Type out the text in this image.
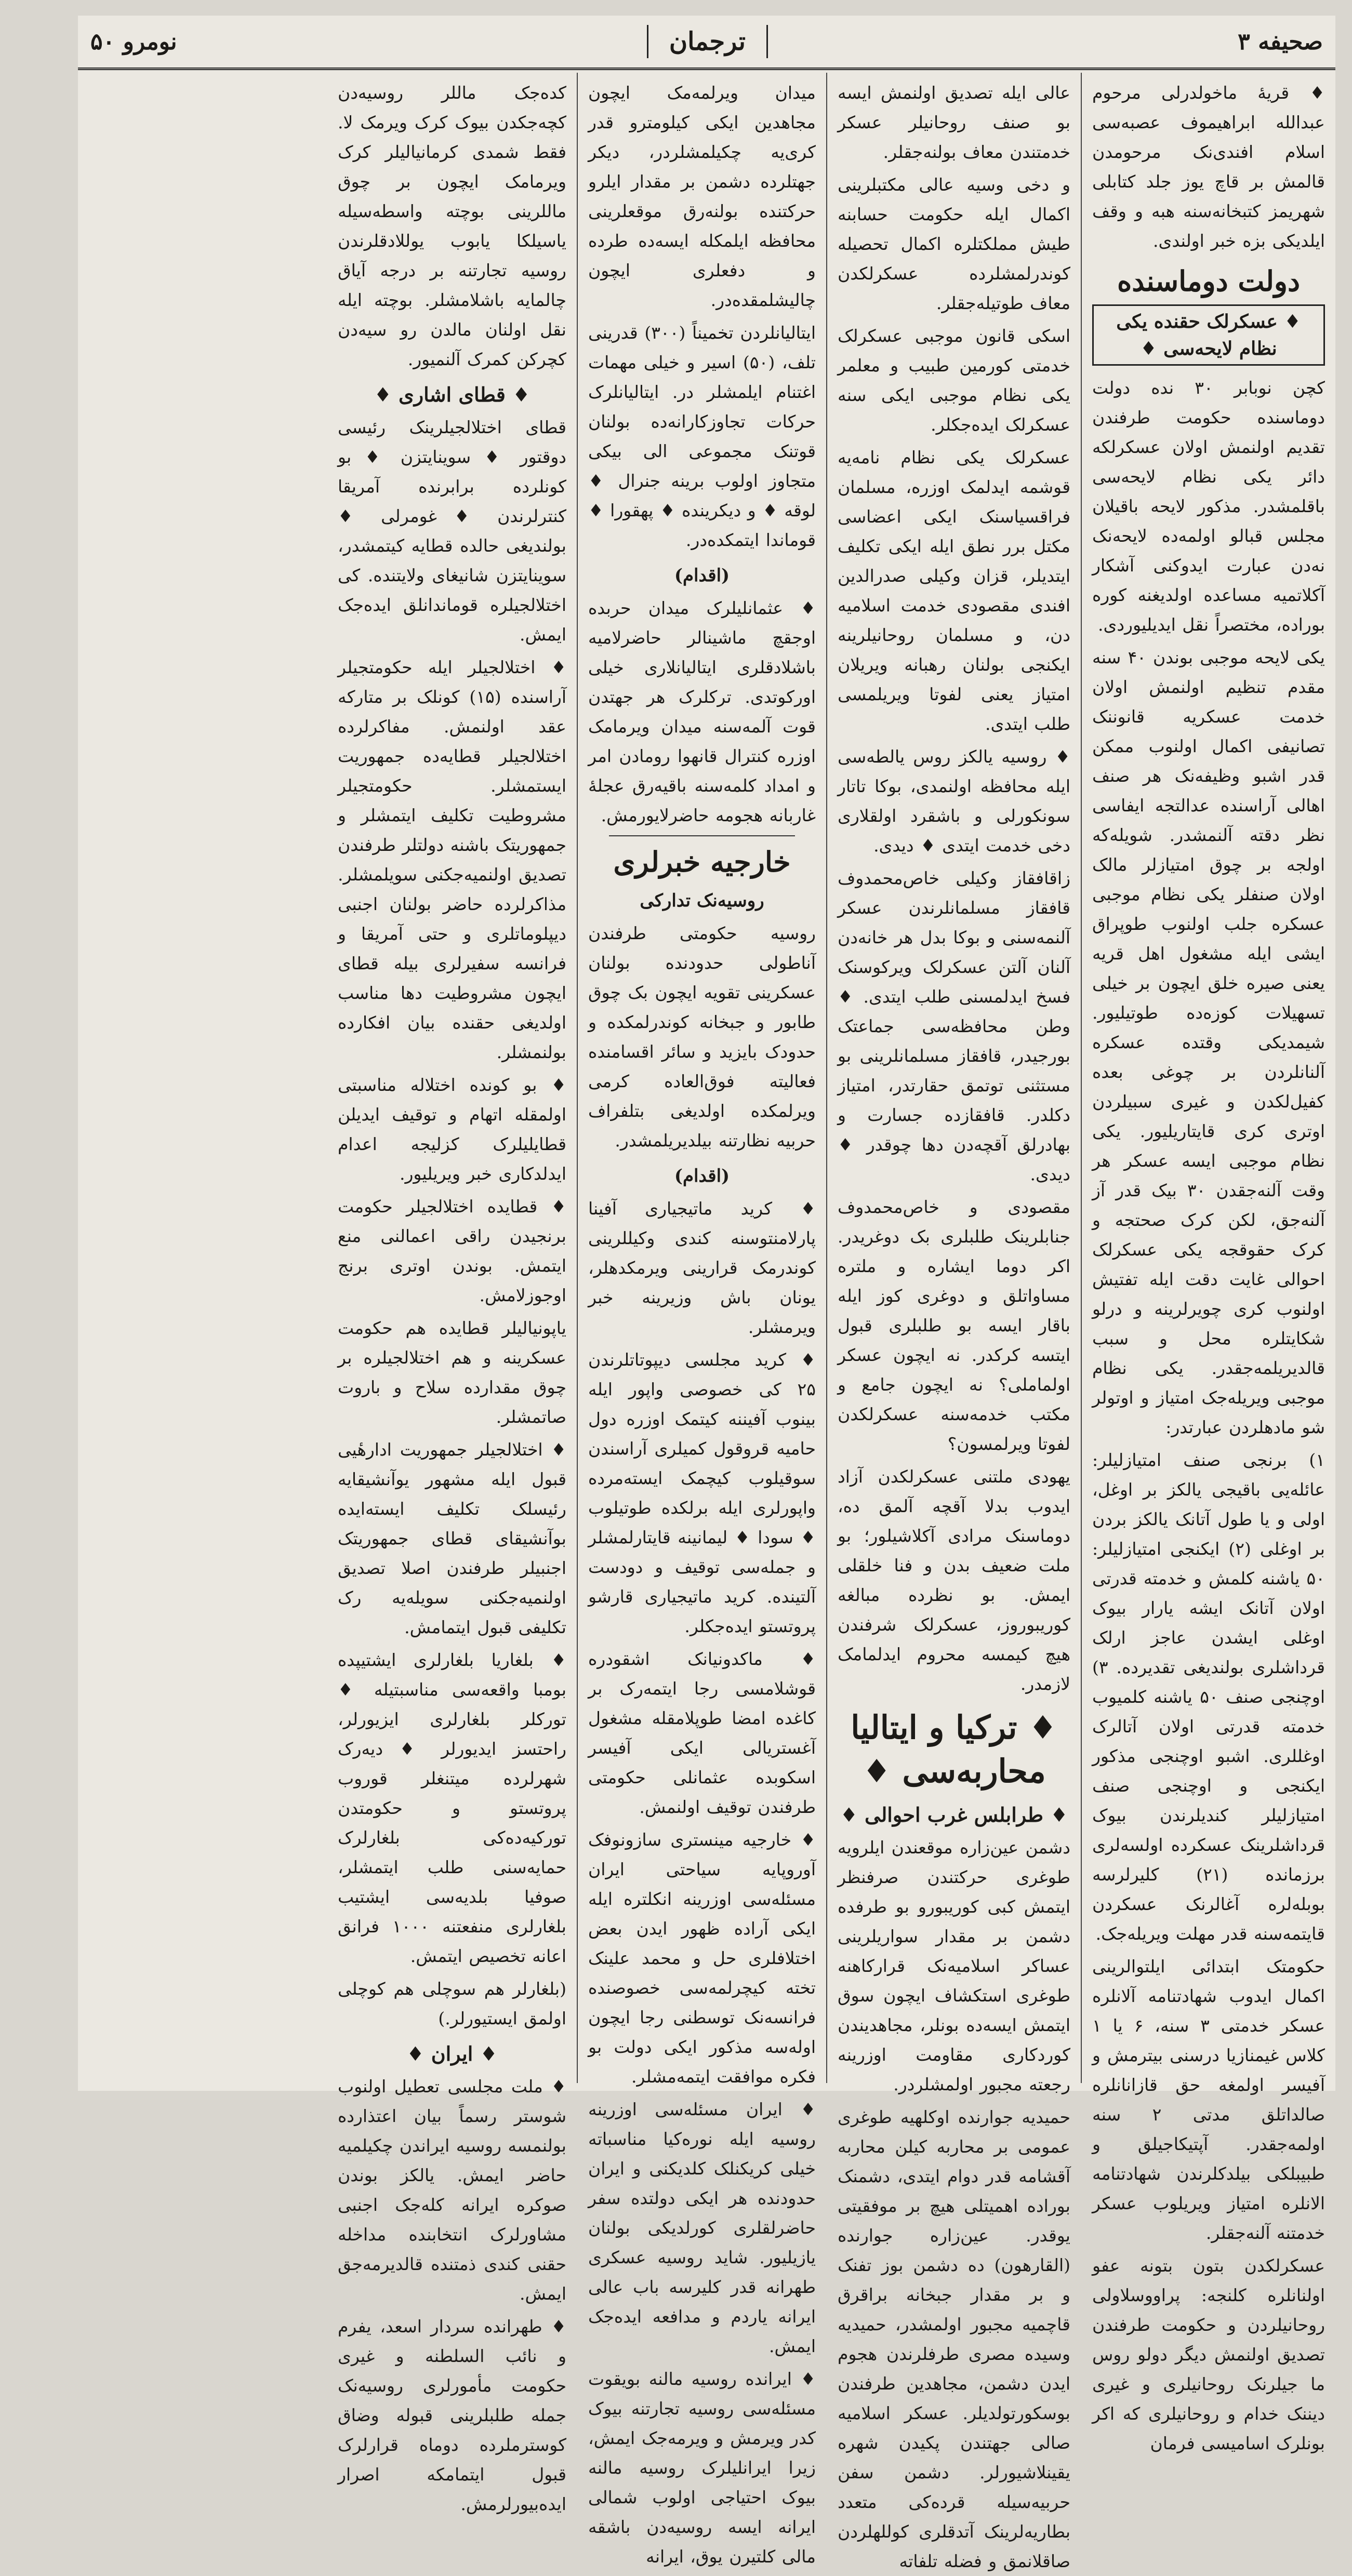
صحیفه ۳
ترجمان
نومرو ۵۰

♦ قریهٔ ماخولدرلی مرحوم عبدالله ابراهیموف عصبه‌سی اسلام افندی‌نک مرحومدن قالمش بر قاچ یوز جلد کتابلی شهریمز کتبخانه‌سنه هبه و وقف ایلدیکی بزه خبر اولندی.

دولت دوماسنده
♦ عسکرلک حقنده یکی نظام لایحه‌سی ♦

کچن نوبابر ۳۰ نده دولت دوماسنده حکومت طرفندن تقدیم اولنمش اولان عسکرلکه دائر یکی نظام لایحه‌سی باقلمشدر. مذکور لایحه باقیلان مجلس قبالو اولمه‌ده لایحه‌نک نه‌دن عبارت ایدوکنی آشکار آکلاتمیه مساعده اولدیغنه کوره بوراده، مختصراً نقل ایدیلیوردی.

یکی لایحه موجبی بوندن ۴۰ سنه مقدم تنظیم اولنمش اولان خدمت عسکریه قانوننک تصانیفی اکمال اولنوب ممکن قدر اشبو وظیفه‌نک هر صنف اهالی آراسنده عدالتجه ایفاسی نظر دقته آلنمشدر. شویله‌که اولجه بر چوق امتیازلر مالک اولان صنفلر یکی نظام موجبی عسکره جلب اولنوب طوپراق ایشی ایله مشغول اهل قریه یعنی صیره خلق ایچون بر خیلی تسهیلات کوزه‌ده طوتیلیور. شیمدیکی وقتده عسکره آلنانلردن بر چوغی بعده کفیل‌لکدن و غیری سبیلردن اوتری کری قایتاریلیور. یکی نظام موجبی ایسه عسکر هر وقت آلنه‌جقدن ۳۰ بیک قدر آز آلنه‌جق، لکن کرک صحتجه و کرک حقوقجه یکی عسکرلک احوالی غایت دقت ایله تفتیش اولنوب کری چویرلرینه و درلو شکایتلره محل و سبب قالدیریلمه‌جقدر. یکی نظام موجبی ویریله‌جک امتیاز و اوتولر شو مادهلردن عبارتدر:

۱) برنجی صنف امتیازلیلر: عائله‌یی باقیجی یالکز بر اوغل، اولی و یا طول آتانک یالکز بردن بر اوغلی (۲) ایکنجی امتیازلیلر: ۵۰ یاشنه کلمش و خدمته قدرتی اولان آتانک ایشه یارار بیوک اوغلی ایشدن عاجز ارلک قرداشلری بولندیغی تقدیرده. ۳) اوچنجی صنف ۵۰ یاشنه کلمیوب خدمته قدرتی اولان آتالرک اوغللری. اشبو اوچنجی مذکور ایکنجی و اوچنجی صنف امتیازلیلر کندیلرندن بیوک قرداشلرینک عسکرده اولسه‌لری برزمانده (۲۱) کلیرلرسه بوبله‌لره آغالرنک عسکردن قایتمه‌سنه قدر مهلت ویریله‌جک.

حکومتک ابتدائی ایلتوالرینی اکمال ایدوب شهادتنامه آلانلره عسکر خدمتی ۳ سنه، ۶ یا ۱ کلاس غیمنازیا درسنی بیترمش و آفیسر اولمغه حق قازانانلره صالداتلق مدتی ۲ سنه اولمه‌جقدر. آپتیکاجیلق و طبیبلکی بیلدکلرندن شهادتنامه الانلره امتیاز ویریلوب عسکر خدمتنه آلنه‌جقلر.

عسکرلکدن بتون بتونه عفو اولنانلره کلنجه: پراووسلاولی روحانیلردن و حکومت طرفندن تصدیق اولنمش دیگر دولو روس ما جیلرنک روحانیلری و غیری دیننک خدام و روحانیلری که اکر بونلرک اسامیسی فرمان

عالی ایله تصدیق اولنمش ایسه بو صنف روحانیلر عسکر خدمتندن معاف بولنه‌جقلر.

و دخی وسیه عالی مکتبلرینی اکمال ایله حکومت حسابنه طیش مملکتلره اکمال تحصیله کوندرلمشلرده عسکرلکدن معاف طوتیله‌جقلر.

اسکی قانون موجبی عسکرلک خدمتی کورمین طبیب و معلمر یکی نظام موجبی ایکی سنه عسکرلک ایده‌جکلر.

عسکرلک یکی نظام نامه‌یه قوشمه ایدلمک اوزره، مسلمان فراقسیاسنک ایکی اعضاسی مکتل برر نطق ایله ایکی تکلیف ایتدیلر، قزان وکیلی صدرالدین افندی مقصودی خدمت اسلامیه دن، و مسلمان روحانیلرینه ایکنجی بولنان رهبانه ویریلان امتیاز یعنی لفوتا ویریلمسی طلب ایتدی.

♦ روسیه یالکز روس یالطه‌سی ایله محافظه اولنمدی، بوکا تاتار سونکورلی و باشقرد اولقلاری دخی خدمت ایتدی ♦ دیدی.

زاقافقاز وکیلی خاص‌محمدوف قافقاز مسلمانلرندن عسکر آلنمه‌سنی و بوکا بدل هر خانه‌دن آلنان آلتن عسکرلک ویرکوسنک فسخ ایدلمسنی طلب ایتدی. ♦ وطن محافظه‌سی جماعتک بورجیدر، قافقاز مسلمانلرینی بو مستثنی توتمق حقارتدر، امتیاز دکلدر. قافقازده جسارت و بهادرلق آقچه‌دن دها چوقدر ♦ دیدی.

مقصودی و خاص‌محمدوف جنابلرینک طلبلری بک دوغریدر. اکر دوما ایشاره و ملتره مساواتلق و دوغری کوز ایله باقار ایسه بو طلبلری قبول ایتسه کرکدر. نه ایچون عسکر اولماملی؟ نه ایچون جامع و مکتب خدمه‌سنه عسکرلکدن لفوتا ویرلمسون؟

یهودی ملتنی عسکرلکدن آزاد ایدوب بدلا آقچه آلمق ده، دوماسنک مرادی آکلاشیلور؛ بو ملت ضعیف بدن و فنا خلقلی ایمش. بو نظرده مبالغه کوریبوروز، عسکرلک شرفندن هیچ کیمسه محروم ایدلمامک لازمدر.

♦ ترکیا و ایتالیا محاربه‌سی ♦
♦ طرابلس غرب احوالی ♦

دشمن عین‌زاره موقعندن ایلرویه طوغری حرکتندن صرفنظر ایتمش کبی کوریبورو بو طرفده دشمن بر مقدار سواریلرینی عساکر اسلامیه‌نک قرارکاهنه طوغری استکشاف ایچون سوق ایتمش ایسه‌ده بونلر، مجاهدیندن کوردکاری مقاومت اوزرینه رجعته مجبور اولمشلردر.

حمیدیه جوارنده اوکلهیه طوغری عمومی بر محاربه کیلن محاربه آقشامه قدر دوام ایتدی، دشمنک بوراده اهمیتلی هیچ بر موفقیتی یوقدر. عین‌زاره جوارنده (القارهون) ده دشمن بوز تفنک و بر مقدار جبخانه براقرق قاچمیه مجبور اولمشدر، حمیدیه وسیده مصری طرفلرندن هجوم ایدن دشمن، مجاهدین طرفندن بوسکورتولدیلر. عسکر اسلامیه صالی جهتندن پکیدن شهره یقینلاشیورلر. دشمن سفن حربیه‌سیله قرده‌کی متعدد بطاریه‌لرینک آتدقلری کوللهلردن صاقلانمق و فضله تلفاته

میدان ویرلمه‌مک ایچون مجاهدین ایکی کیلومترو قدر کری‌یه چکیلمشلردر، دیکر جهتلرده دشمن بر مقدار ایلرو حرکتنده بولنه‌رق موقعلرینی محافظه ایلمکله ایسه‌ده طرده و دفعلری ایچون چالیشلمقده‌در.

ایتالیانلردن تخمیناً (۳۰۰) قدرینی تلف، (۵۰) اسیر و خیلی مهمات اغتنام ایلمشلر در. ایتالیانلرک حرکات تجاوزکارانه‌ده بولنان قوتنک مجموعی الی بیکی متجاوز اولوب برینه جنرال ♦ لوقه ♦ و دیکرینده ♦ پهقورا ♦ قوماندا ایتمکده‌در.

(اقدام)

♦ عثمانلیلرک میدان حربده اوجقچ ماشینالر حاضرلامیه باشلادقلری ایتالیانلاری خیلی اورکوتدی. ترکلرک هر جهتدن قوت آلمه‌سنه میدان ویرمامک اوزره کنترال قانهوا رومادن امر و امداد کلمه‌سنه باقیه‌رق عجلهٔ غاربانه هجومه حاضرلایورمش.

خارجیه خبرلری
روسیه‌نک تدارکی

روسیه حکومتی طرفندن آناطولی حدودنده بولنان عسکرینی تقویه ایچون بک چوق طابور و جبخانه کوندرلمکده و حدودک بایزید و سائر اقسامنده فعالیته فوق‌العاده کرمی ویرلمکده اولدیغی بتلفراف حربیه نظارتنه بیلدیریلمشدر.

(اقدام)

♦ کرید ماتیجیاری آفینا پارلامنتوسنه کندی وکیللرینی کوندرمک قرارینی ویرمکدهلر، یونان باش وزیرینه خبر ویرمشلر.

♦ کرید مجلسی دیپوتاتلرندن ۲۵ کی خصوصی واپور ایله بینوب آفیننه کیتمک اوزره دول حامیه قروقول کمیلری آراسندن سوقیلوب کیچمک ایسته‌مرده واپورلری ایله برلکده طوتیلوب ♦ سودا ♦ لیمانینه قایتارلمشلر و جمله‌سی توقیف و دودست آلتینده. کرید ماتیجیاری قارشو پروتستو ایده‌جکلر.

♦ ماکدونیانک اشقودره قوشلامسی رجا ایتمه‌رک بر کاغده امضا طوپلامقله مشغول آغستریالی ایکی آفیسر اسکوبده عثمانلی حکومتی طرفندن توقیف اولنمش.

♦ خارجیه مینستری سازونوفک آوروپایه سیاحتی ایران مسئله‌سی اوزرینه انکلتره ایله ایکی آراده ظهور ایدن بعض اختلافلری حل و محمد علینک تخته کیچرلمه‌سی خصوصنده فرانسه‌نک توسطنی رجا ایچون اوله‌سه مذکور ایکی دولت بو فکره موافقت ایتمه‌مشلر.

♦ ایران مسئله‌سی اوزرینه روسیه ایله نوره‌کیا مناسباته خیلی کریکنلک کلدیکنی و ایران حدودنده هر ایکی دولتده سفر حاضرلقلری کورلدیکی بولنان یازیلیور. شاید روسیه عسکری طهرانه قدر کلیرسه باب عالی ایرانه یاردم و مدافعه ایده‌جک ایمش.

♦ ایرانده روسیه مالنه بویقوت مسئله‌سی روسیه تجارتنه بیوک کدر ویرمش و ویرمه‌جک ایمش، زیرا ایرانلیلرک روسیه مالنه بیوک احتیاجی اولوب شمالی ایرانه ایسه روسیه‌دن باشقه مالی کلتیرن یوق، ایرانه

کده‌جک ماللر روسیه‌دن کچه‌جکدن بیوک کرک ویرمک لا. فقط شمدی کرمانیالیلر کرک ویرمامک ایچون بر چوق ماللرینی بوچته واسطه‌سیله یاسیلکا یابوب یوللادقلرندن روسیه تجارتنه بر درجه آیاق چالمایه باشلامشلر. بوچته ایله نقل اولنان مالدن رو سیه‌دن کچرکن کمرک آلنمیور.

♦ قطای اشاری ♦

قطای اختلالجیلرینک رئیسی دوقتور ♦ سوینایتزن ♦ بو کونلرده برابرنده آمریقا کنترلرندن ♦ غومرلی ♦ بولندیغی حالده قطایه کیتمشدر، سوینایتزن شانیغای ولایتنده. کی اختلالجیلره قوماندانلق ایده‌جک ایمش.

♦ اختلالجیلر ایله حکومتجیلر آراسنده (۱۵) کونلک بر متارکه عقد اولنمش. مفاکرلرده اختلالجیلر قطایه‌ده جمهوریت ایستمشلر. حکومتجیلر مشروطیت تکلیف ایتمشلر و جمهوریتک باشنه دولتلر طرفندن تصدیق اولنمیه‌جکنی سویلمشلر. مذاکرلرده حاضر بولنان اجنبی دیپلوماتلری و حتی آمریقا و فرانسه سفیرلری بیله قطای ایچون مشروطیت دها مناسب اولدیغی حقنده بیان افکارده بولنمشلر.

♦ بو کونده اختلاله مناسبتی اولمقله اتهام و توقیف ایدیلن قطایلیلرک کزلیجه اعدام ایدلدکاری خبر ویریلیور.

♦ قطایده اختلالجیلر حکومت برنجیدن راقی اعمالنی منع ایتمش. بوندن اوتری برنج اوجوزلامش.

یاپونیالیلر قطایده هم حکومت عسکرینه و هم اختلالجیلره بر چوق مقدارده سلاح و باروت صاتمشلر.

♦ اختلالجیلر جمهوریت ادارهٔیی قبول ایله مشهور یوآنشیقایه رئیسلک تکلیف ایسته‌ایده بوآنشیقای قطای جمهوریتک اجنبیلر طرفندن اصلا تصدیق اولنمیه‌جکنی سویله‌یه رک تکلیفی قبول ایتمامش.

♦ بلغاریا بلغارلری ایشتیپده بومبا واقعه‌سی مناسبتیله ♦ تورکلر بلغارلری ایزیورلر، راحتسز ایدیورلر ♦ دیه‌رک شهرلرده میتنغلر قوروب پروتستو و حکومتدن تورکیه‌ده‌کی بلغارلرک حمایه‌سنی طلب ایتمشلر، صوفیا بلدیه‌سی ایشتیب بلغارلری منفعتنه ۱۰۰۰ فرانق اعانه تخصیص ایتمش.

(بلغارلر هم سوچلی هم کوچلی اولمق ایستیورلر.)

♦ ایران ♦

♦ ملت مجلسی تعطیل اولنوب شوستر رسماً بیان اعتذارده بولنمسه روسیه ایراندن چکیلمیه حاضر ایمش. یالکز بوندن صوکره ایرانه کله‌جک اجنبی مشاورلرک انتخابنده مداخله حقنی کندی ذمتنده قالدیرمه‌جق ایمش.

♦ طهرانده سردار اسعد، یفرم و نائب السلطنه و غیری حکومت مأمورلری روسیه‌نک جمله طلبلرینی قبوله وضاق کوسترملرده دوماه قرارلرک قبول ایتمامکه اصرار ایده‌بیورلرمش.
